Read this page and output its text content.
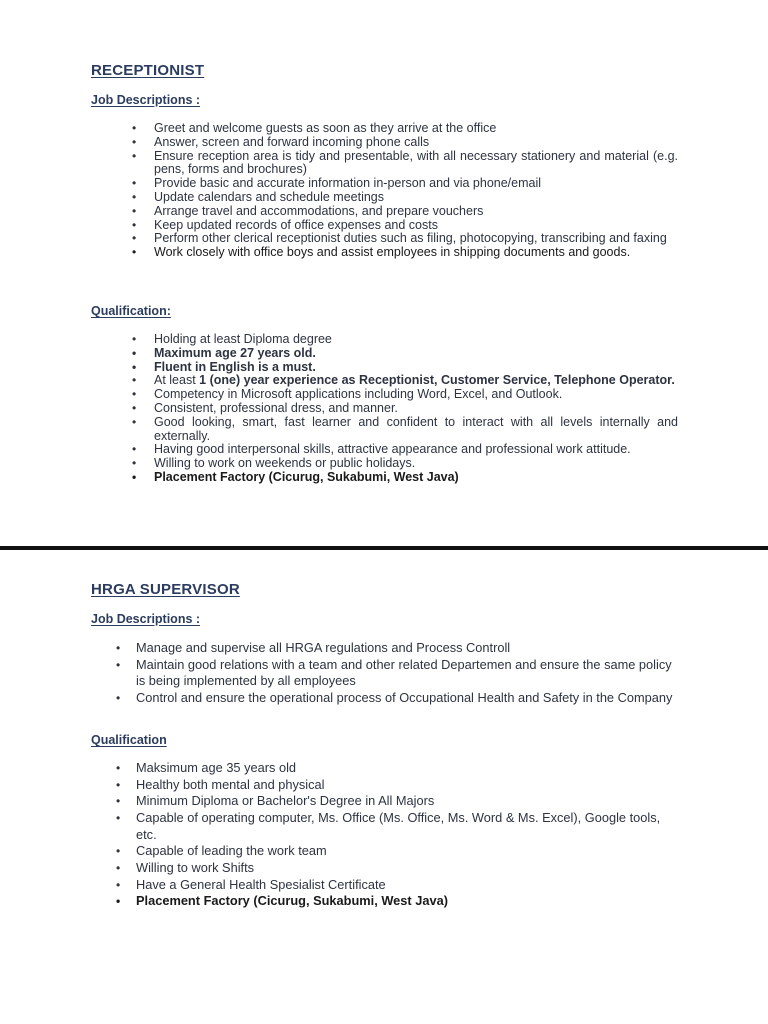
RECEPTIONIST
Job Descriptions :
• Greet and welcome guests as soon as they arrive at the office
• Answer, screen and forward incoming phone calls
• Ensure reception area is tidy and presentable, with all necessary stationery and material (e.g. pens, forms and brochures)
• Provide basic and accurate information in-person and via phone/email
• Update calendars and schedule meetings
• Arrange travel and accommodations, and prepare vouchers
• Keep updated records of office expenses and costs
• Perform other clerical receptionist duties such as filing, photocopying, transcribing and faxing
• Work closely with office boys and assist employees in shipping documents and goods.
Qualification:
• Holding at least Diploma degree
• Maximum age 27 years old.
• Fluent in English is a must.
• At least 1 (one) year experience as Receptionist, Customer Service, Telephone Operator.
• Competency in Microsoft applications including Word, Excel, and Outlook.
• Consistent, professional dress, and manner.
• Good looking, smart, fast learner and confident to interact with all levels internally and externally.
• Having good interpersonal skills, attractive appearance and professional work attitude.
• Willing to work on weekends or public holidays.
• Placement Factory (Cicurug, Sukabumi, West Java)
HRGA SUPERVISOR
Job Descriptions :
• Manage and supervise all HRGA regulations and Process Controll
• Maintain good relations with a team and other related Departemen and ensure the same policy is being implemented by all employees
• Control and ensure the operational process of Occupational Health and Safety in the Company
Qualification
• Maksimum age 35 years old
• Healthy both mental and physical
• Minimum Diploma or Bachelor's Degree in All Majors
• Capable of operating computer, Ms. Office (Ms. Office, Ms. Word & Ms. Excel), Google tools, etc.
• Capable of leading the work team
• Willing to work Shifts
• Have a General Health Spesialist Certificate
• Placement Factory (Cicurug, Sukabumi, West Java)
